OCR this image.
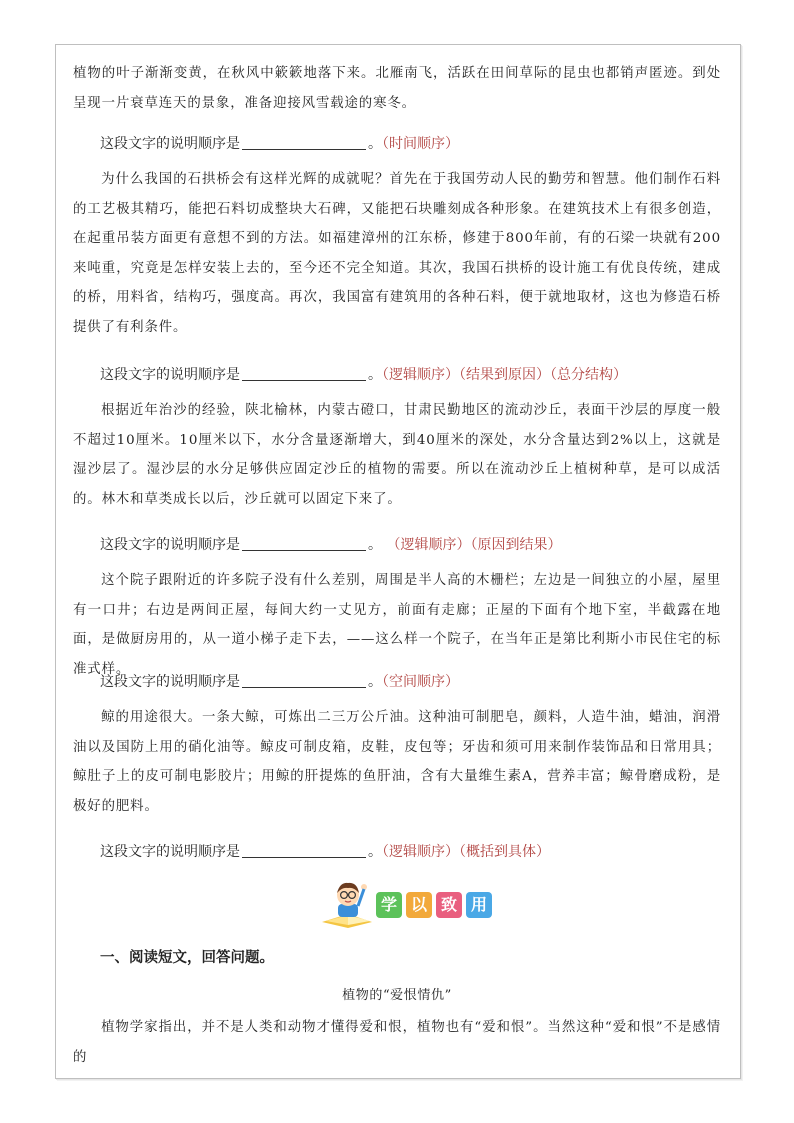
植物的叶子渐渐变黄，在秋风中簌簌地落下来。北雁南飞，活跃在田间草际的昆虫也都销声匿迹。到处呈现一片衰草连天的景象，准备迎接风雪载途的寒冬。

这段文字的说明顺序是	。（时间顺序）

为什么我国的石拱桥会有这样光辉的成就呢？首先在于我国劳动人民的勤劳和智慧。他们制作石料的工艺极其精巧，能把石料切成整块大石碑，又能把石块雕刻成各种形象。在建筑技术上有很多创造，在起重吊装方面更有意想不到的方法。如福建漳州的江东桥，修建于800年前，有的石梁一块就有200来吨重，究竟是怎样安装上去的，至今还不完全知道。其次，我国石拱桥的设计施工有优良传统，建成的桥，用料省，结构巧，强度高。再次，我国富有建筑用的各种石料，便于就地取材，这也为修造石桥提供了有利条件。

这段文字的说明顺序是	。（逻辑顺序）（结果到原因）（总分结构）

根据近年治沙的经验，陕北榆林，内蒙古磴口，甘肃民勤地区的流动沙丘，表面干沙层的厚度一般不超过10厘米。10厘米以下，水分含量逐渐增大，到40厘米的深处，水分含量达到2%以上，这就是湿沙层了。湿沙层的水分足够供应固定沙丘的植物的需要。所以在流动沙丘上植树种草，是可以成活的。林木和草类成长以后，沙丘就可以固定下来了。

这段文字的说明顺序是	。 （逻辑顺序）（原因到结果）

这个院子跟附近的许多院子没有什么差别，周围是半人高的木栅栏；左边是一间独立的小屋，屋里有一口井；右边是两间正屋，每间大约一丈见方，前面有走廊；正屋的下面有个地下室，半截露在地面，是做厨房用的，从一道小梯子走下去，——这么样一个院子，在当年正是第比利斯小市民住宅的标准式样。

这段文字的说明顺序是	。（空间顺序）

鲸的用途很大。一条大鲸，可炼出二三万公斤油。这种油可制肥皂，颜料，人造牛油，蜡油，润滑油以及国防上用的硝化油等。鲸皮可制皮箱，皮鞋，皮包等；牙齿和须可用来制作装饰品和日常用具；鲸肚子上的皮可制电影胶片；用鲸的肝提炼的鱼肝油，含有大量维生素A，营养丰富；鲸骨磨成粉，是极好的肥料。

这段文字的说明顺序是	。（逻辑顺序）（概括到具体）
学 以 致 用
一、阅读短文，回答问题。
植物的“爱恨情仇”

植物学家指出，并不是人类和动物才懂得爱和恨，植物也有“爱和恨”。当然这种“爱和恨”不是感情的
